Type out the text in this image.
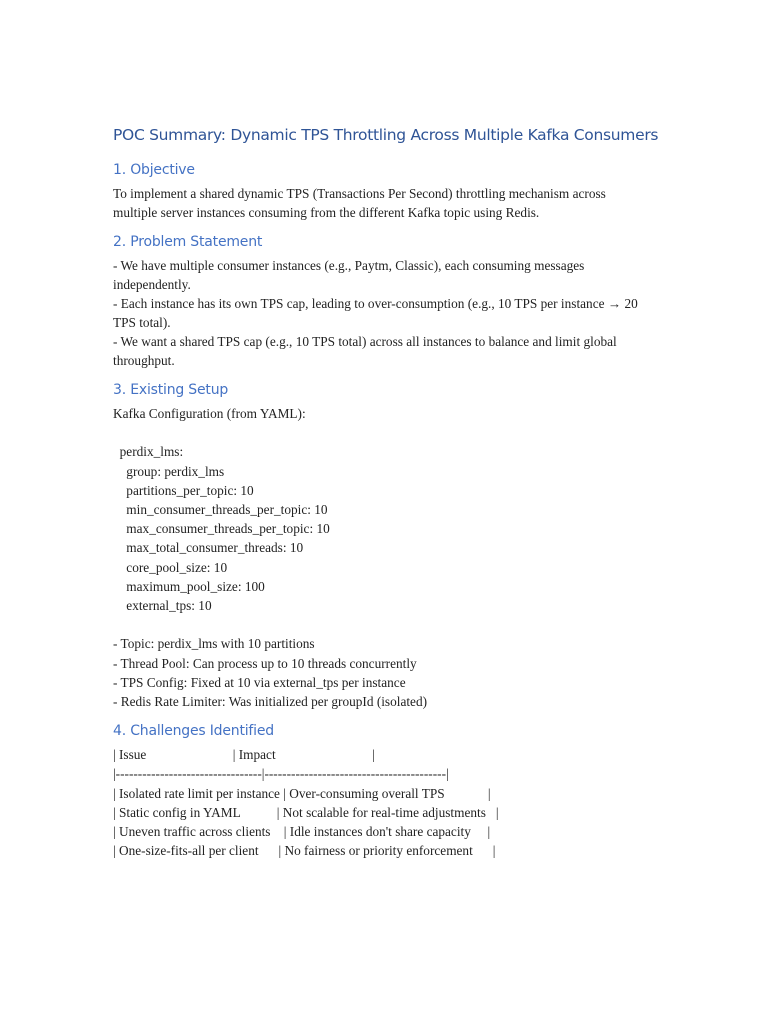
POC Summary: Dynamic TPS Throttling Across Multiple Kafka Consumers
1. Objective

To implement a shared dynamic TPS (Transactions Per Second) throttling mechanism across multiple server instances consuming from the different Kafka topic using Redis.

2. Problem Statement

- We have multiple consumer instances (e.g., Paytm, Classic), each consuming messages independently.

- Each instance has its own TPS cap, leading to over-consumption (e.g., 10 TPS per instance → 20 TPS total).

- We want a shared TPS cap (e.g., 10 TPS total) across all instances to balance and limit global throughput.

3. Existing Setup
Kafka Configuration (from YAML):
perdix_lms:
group: perdix_lms
partitions_per_topic: 10
min_consumer_threads_per_topic: 10
max_consumer_threads_per_topic: 10
max_total_consumer_threads: 10
core_pool_size: 10
maximum_pool_size: 100
external_tps: 10
- Topic: perdix_lms with 10 partitions
- Thread Pool: Can process up to 10 threads concurrently
- TPS Config: Fixed at 10 via external_tps per instance
- Redis Rate Limiter: Was initialized per groupId (isolated)
4. Challenges Identified
| Issue                          | Impact                             |
|---------------------------------|-----------------------------------------|
| Isolated rate limit per instance | Over-consuming overall TPS             |
| Static config in YAML           | Not scalable for real-time adjustments   |
| Uneven traffic across clients    | Idle instances don't share capacity     |
| One-size-fits-all per client      | No fairness or priority enforcement      |
